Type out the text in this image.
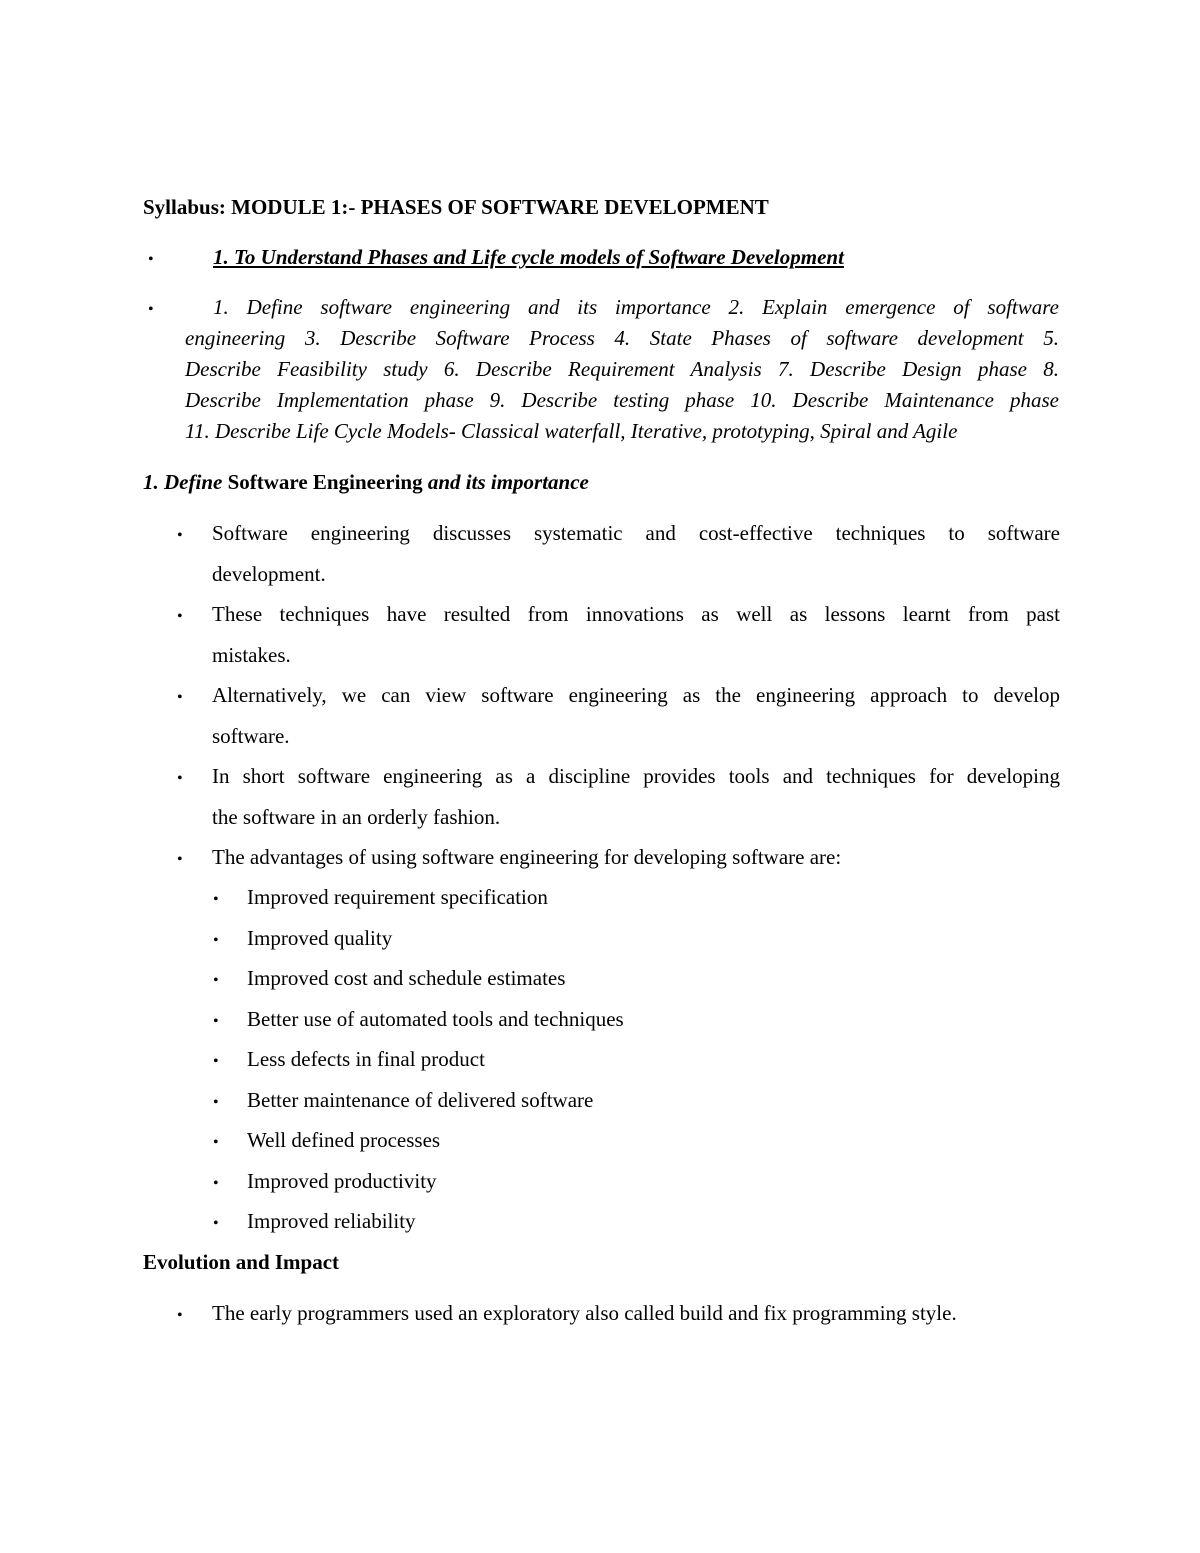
Syllabus: MODULE 1:- PHASES OF SOFTWARE DEVELOPMENT
•	1. To Understand Phases and Life cycle models of Software Development
•	1. Define software engineering and its importance 2. Explain emergence of software
engineering 3. Describe Software Process 4. State Phases of software development 5.
Describe Feasibility study 6. Describe Requirement Analysis 7. Describe Design phase 8.
Describe Implementation phase 9. Describe testing phase 10. Describe Maintenance phase
11. Describe Life Cycle Models- Classical waterfall, Iterative, prototyping, Spiral and Agile
1. Define Software Engineering and its importance
• Software engineering discusses systematic and cost-effective techniques to software
development.
• These techniques have resulted from innovations as well as lessons learnt from past
mistakes.
• Alternatively, we can view software engineering as the engineering approach to develop
software.
• In short software engineering as a discipline provides tools and techniques for developing
the software in an orderly fashion.
• The advantages of using software engineering for developing software are:
• Improved requirement specification
• Improved quality
• Improved cost and schedule estimates
• Better use of automated tools and techniques
• Less defects in final product
• Better maintenance of delivered software
• Well defined processes
• Improved productivity
• Improved reliability
Evolution and Impact
• The early programmers used an exploratory also called build and fix programming style.
